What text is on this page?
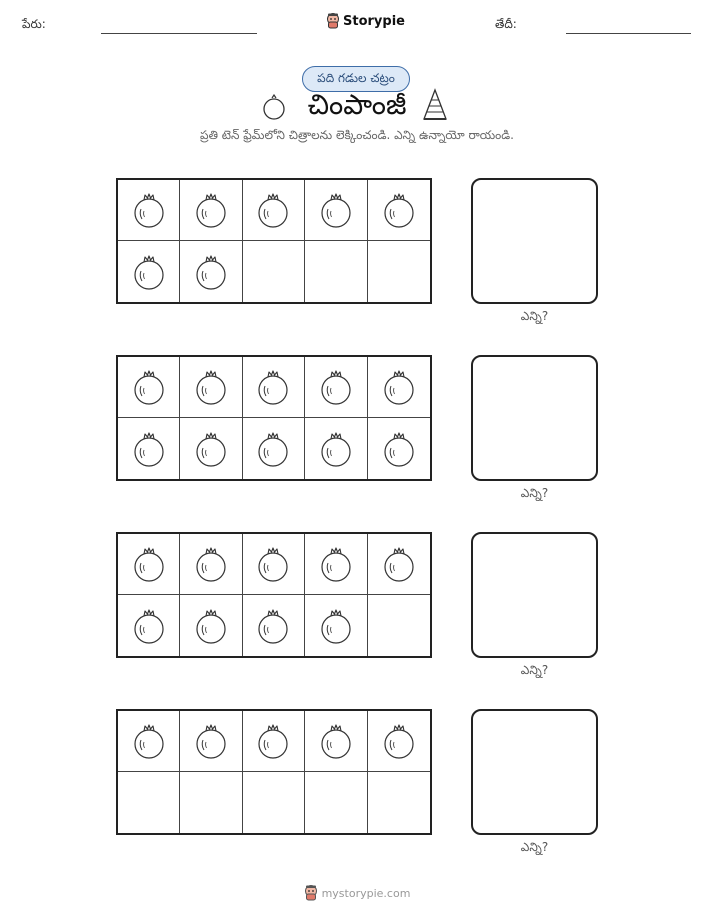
పేరు:	Storypie	తేదీ:
పది గడుల చట్రం
చింపాంజీ
ప్రతి టెన్ ఫ్రేమ్‌లోని చిత్రాలను లెక్కించండి. ఎన్ని ఉన్నాయో రాయండి.
ఎన్ని?
ఎన్ని?
ఎన్ని?
ఎన్ని?
mystorypie.com
